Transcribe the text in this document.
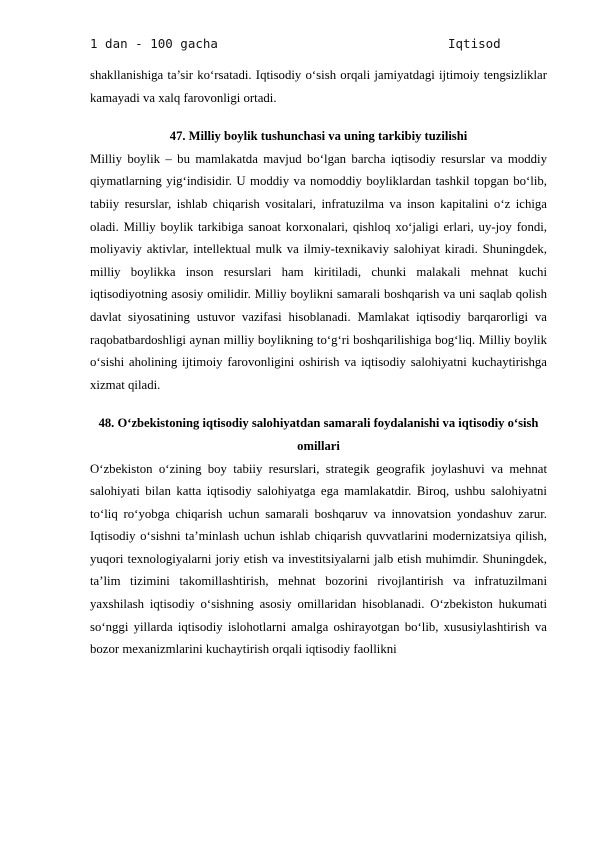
1 dan - 100 gacha	Iqtisod

shakllanishiga ta’sir ko‘rsatadi. Iqtisodiy o‘sish orqali jamiyatdagi ijtimoiy tengsizliklar kamayadi va xalq farovonligi ortadi.

47. Milliy boylik tushunchasi va uning tarkibiy tuzilishi

Milliy boylik – bu mamlakatda mavjud bo‘lgan barcha iqtisodiy resurslar va moddiy qiymatlarning yig‘indisidir. U moddiy va nomoddiy boyliklardan tashkil topgan bo‘lib, tabiiy resurslar, ishlab chiqarish vositalari, infratuzilma va inson kapitalini o‘z ichiga oladi. Milliy boylik tarkibiga sanoat korxonalari, qishloq xo‘jaligi erlari, uy-joy fondi, moliyaviy aktivlar, intellektual mulk va ilmiy-texnikaviy salohiyat kiradi. Shuningdek, milliy boylikka inson resurslari ham kiritiladi, chunki malakali mehnat kuchi iqtisodiyotning asosiy omilidir. Milliy boylikni samarali boshqarish va uni saqlab qolish davlat siyosatining ustuvor vazifasi hisoblanadi. Mamlakat iqtisodiy barqarorligi va raqobatbardoshligi aynan milliy boylikning to‘g‘ri boshqarilishiga bog‘liq. Milliy boylik o‘sishi aholining ijtimoiy farovonligini oshirish va iqtisodiy salohiyatni kuchaytirishga xizmat qiladi.

48. O‘zbekistoning iqtisodiy salohiyatdan samarali foydalanishi va iqtisodiy o‘sish omillari

O‘zbekiston o‘zining boy tabiiy resurslari, strategik geografik joylashuvi va mehnat salohiyati bilan katta iqtisodiy salohiyatga ega mamlakatdir. Biroq, ushbu salohiyatni to‘liq ro‘yobga chiqarish uchun samarali boshqaruv va innovatsion yondashuv zarur. Iqtisodiy o‘sishni ta’minlash uchun ishlab chiqarish quvvatlarini modernizatsiya qilish, yuqori texnologiyalarni joriy etish va investitsiyalarni jalb etish muhimdir. Shuningdek, ta’lim tizimini takomillashtirish, mehnat bozorini rivojlantirish va infratuzilmani yaxshilash iqtisodiy o‘sishning asosiy omillaridan hisoblanadi. O‘zbekiston hukumati so‘nggi yillarda iqtisodiy islohotlarni amalga oshirayotgan bo‘lib, xususiylashtirish va bozor mexanizmlarini kuchaytirish orqali iqtisodiy faollikni
